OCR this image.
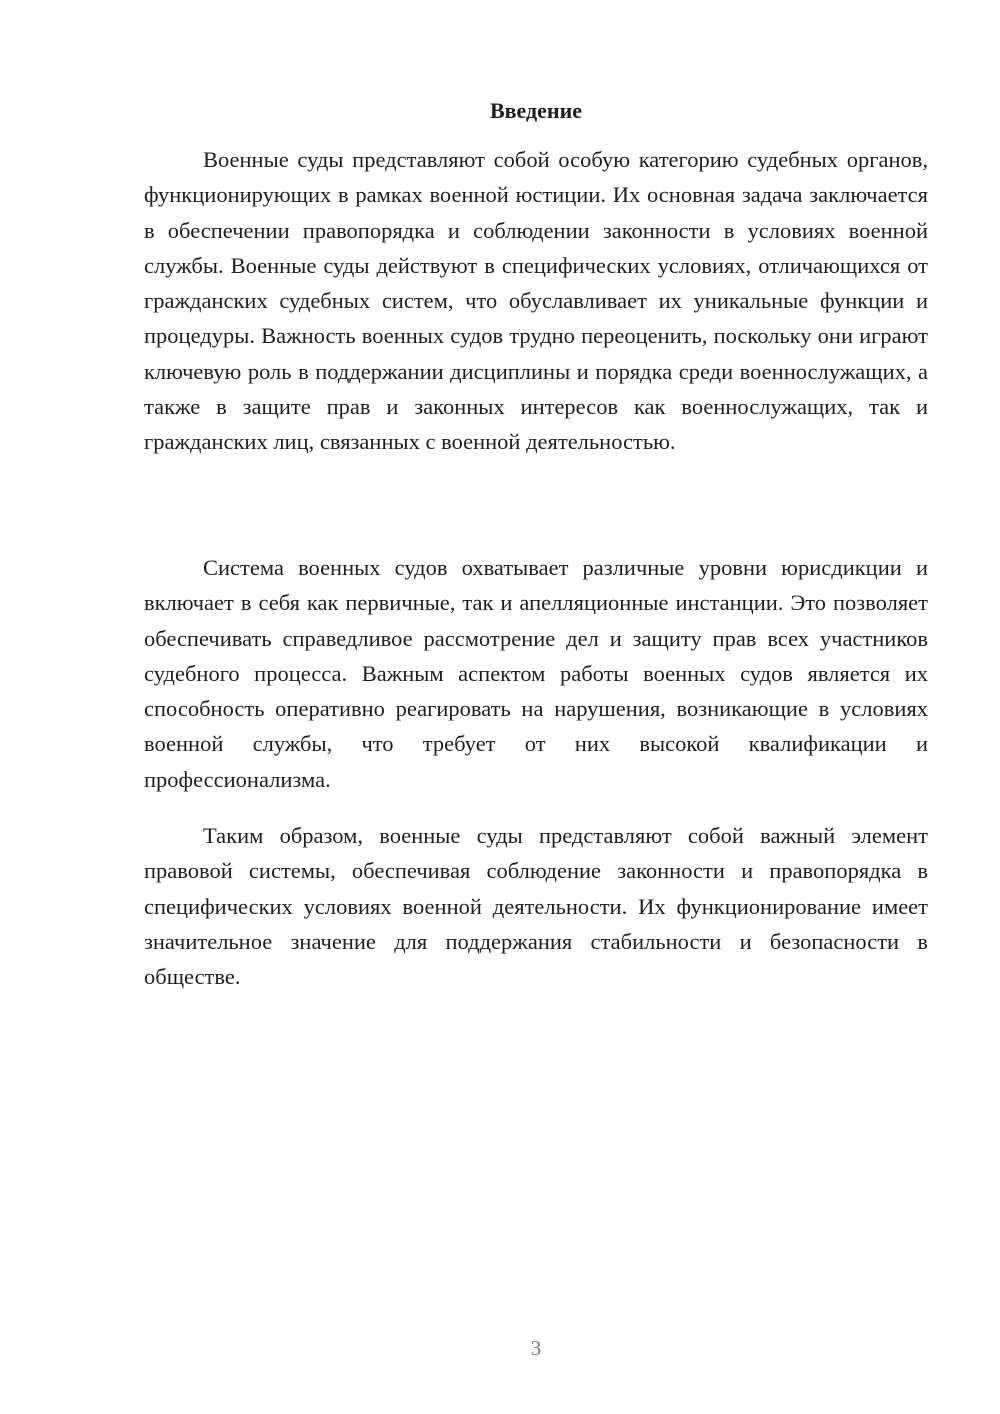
Введение

Военные суды представляют собой особую категорию судебных органов, функционирующих в рамках военной юстиции. Их основная задача заключается в обеспечении правопорядка и соблюдении законности в условиях военной службы. Военные суды действуют в специфических условиях, отличающихся от гражданских судебных систем, что обуславливает их уникальные функции и процедуры. Важность военных судов трудно переоценить, поскольку они играют ключевую роль в поддержании дисциплины и порядка среди военнослужащих, а также в защите прав и законных интересов как военнослужащих, так и гражданских лиц, связанных с военной деятельностью.

Система военных судов охватывает различные уровни юрисдикции и включает в себя как первичные, так и апелляционные инстанции. Это позволяет обеспечивать справедливое рассмотрение дел и защиту прав всех участников судебного процесса. Важным аспектом работы военных судов является их способность оперативно реагировать на нарушения, возникающие в условиях военной службы, что требует от них высокой квалификации и профессионализма.

Таким образом, военные суды представляют собой важный элемент правовой системы, обеспечивая соблюдение законности и правопорядка в специфических условиях военной деятельности. Их функционирование имеет значительное значение для поддержания стабильности и безопасности в обществе.

3
